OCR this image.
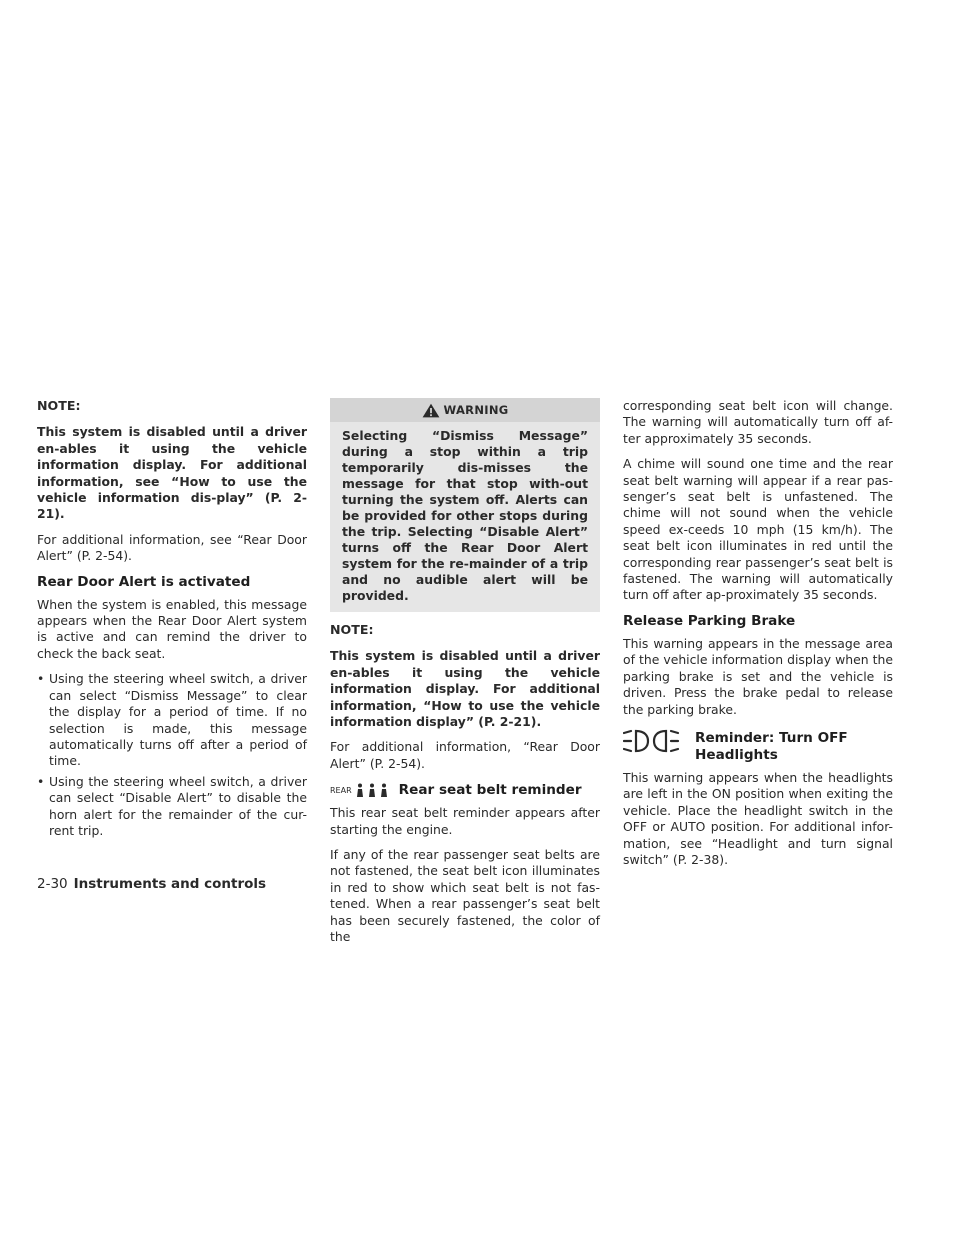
NOTE:

This system is disabled until a driver en-ables it using the vehicle information display. For additional information, see “How to use the vehicle information dis-play” (P. 2-21).

For additional information, see “Rear Door Alert” (P. 2-54).

Rear Door Alert is activated

When the system is enabled, this message appears when the Rear Door Alert system is active and can remind the driver to check the back seat.

• Using the steering wheel switch, a driver can select “Dismiss Message” to clear the display for a period of time. If no selection is made, this message automatically turns off after a period of time.
• Using the steering wheel switch, a driver can select “Disable Alert” to disable the horn alert for the remainder of the cur-rent trip.
WARNING

Selecting “Dismiss Message” during a stop within a trip temporarily dis-misses the message for that stop with-out turning the system off. Alerts can be provided for other stops during the trip. Selecting “Disable Alert” turns off the Rear Door Alert system for the re-mainder of a trip and no audible alert will be provided.

NOTE:

This system is disabled until a driver en-ables it using the vehicle information display. For additional information, “How to use the vehicle information display” (P. 2-21).

For additional information, “Rear Door Alert” (P. 2-54).

REAR	Rear seat belt reminder

This rear seat belt reminder appears after starting the engine.

If any of the rear passenger seat belts are not fastened, the seat belt icon illuminates in red to show which seat belt is not fas-tened. When a rear passenger’s seat belt has been securely fastened, the color of the

corresponding seat belt icon will change. The warning will automatically turn off af-ter approximately 35 seconds.

A chime will sound one time and the rear seat belt warning will appear if a rear pas-senger’s seat belt is unfastened. The chime will not sound when the vehicle speed ex-ceeds 10 mph (15 km/h). The seat belt icon illuminates in red until the corresponding rear passenger’s seat belt is fastened. The warning will automatically turn off after ap-proximately 35 seconds.

Release Parking Brake

This warning appears in the message area of the vehicle information display when the parking brake is set and the vehicle is driven. Press the brake pedal to release the parking brake.

Reminder: Turn OFF
Headlights

This warning appears when the headlights are left in the ON position when exiting the vehicle. Place the headlight switch in the OFF or AUTO position. For additional infor-mation, see “Headlight and turn signal switch” (P. 2-38).

2-30 Instruments and controls
